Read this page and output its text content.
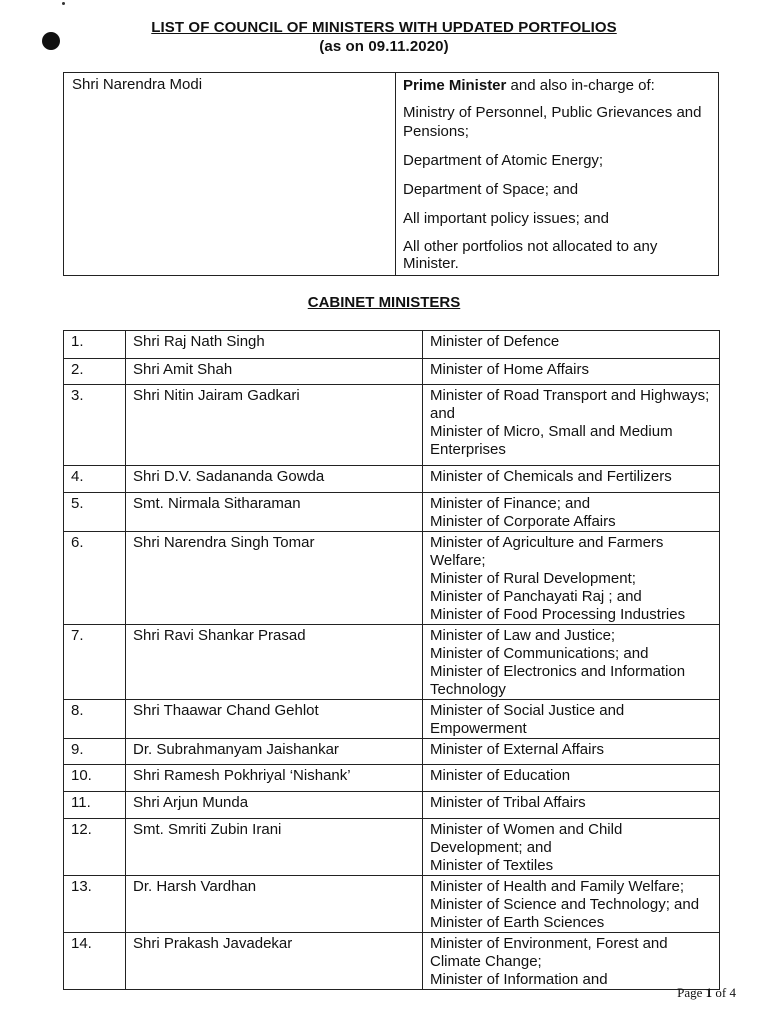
LIST OF COUNCIL OF MINISTERS WITH UPDATED PORTFOLIOS
(as on 09.11.2020)
Shri Narendra Modi	Prime Minister and also in-charge of:

Ministry of Personnel, Public Grievances and Pensions;

Department of Atomic Energy;

Department of Space; and

All important policy issues; and

All other portfolios not allocated to any Minister.

CABINET MINISTERS
1.	Shri Raj Nath Singh	Minister of Defence

2.	Shri Amit Shah	Minister of Home Affairs

3.	Shri Nitin Jairam Gadkari	Minister of Road Transport and Highways; and
Minister of Micro, Small and Medium Enterprises

4.	Shri D.V. Sadananda Gowda	Minister of Chemicals and Fertilizers

5.	Smt. Nirmala Sitharaman	Minister of Finance; and
Minister of Corporate Affairs

6.	Shri Narendra Singh Tomar	Minister of Agriculture and Farmers Welfare;
Minister of Rural Development;
Minister of Panchayati Raj ; and
Minister of Food Processing Industries

7.	Shri Ravi Shankar Prasad	Minister of Law and Justice;
Minister of Communications; and
Minister of Electronics and Information Technology

8.	Shri Thaawar Chand Gehlot	Minister of Social Justice and Empowerment

9.	Dr. Subrahmanyam Jaishankar	Minister of External Affairs

10.	Shri Ramesh Pokhriyal ‘Nishank’	Minister of Education

11.	Shri Arjun Munda	Minister of Tribal Affairs

12.	Smt. Smriti Zubin Irani	Minister of Women and Child Development; and
Minister of Textiles

13.	Dr. Harsh Vardhan	Minister of Health and Family Welfare;
Minister of Science and Technology; and
Minister of Earth Sciences

14.	Shri Prakash Javadekar	Minister of Environment, Forest and Climate Change;
Minister of Information and
Page 1 of 4
